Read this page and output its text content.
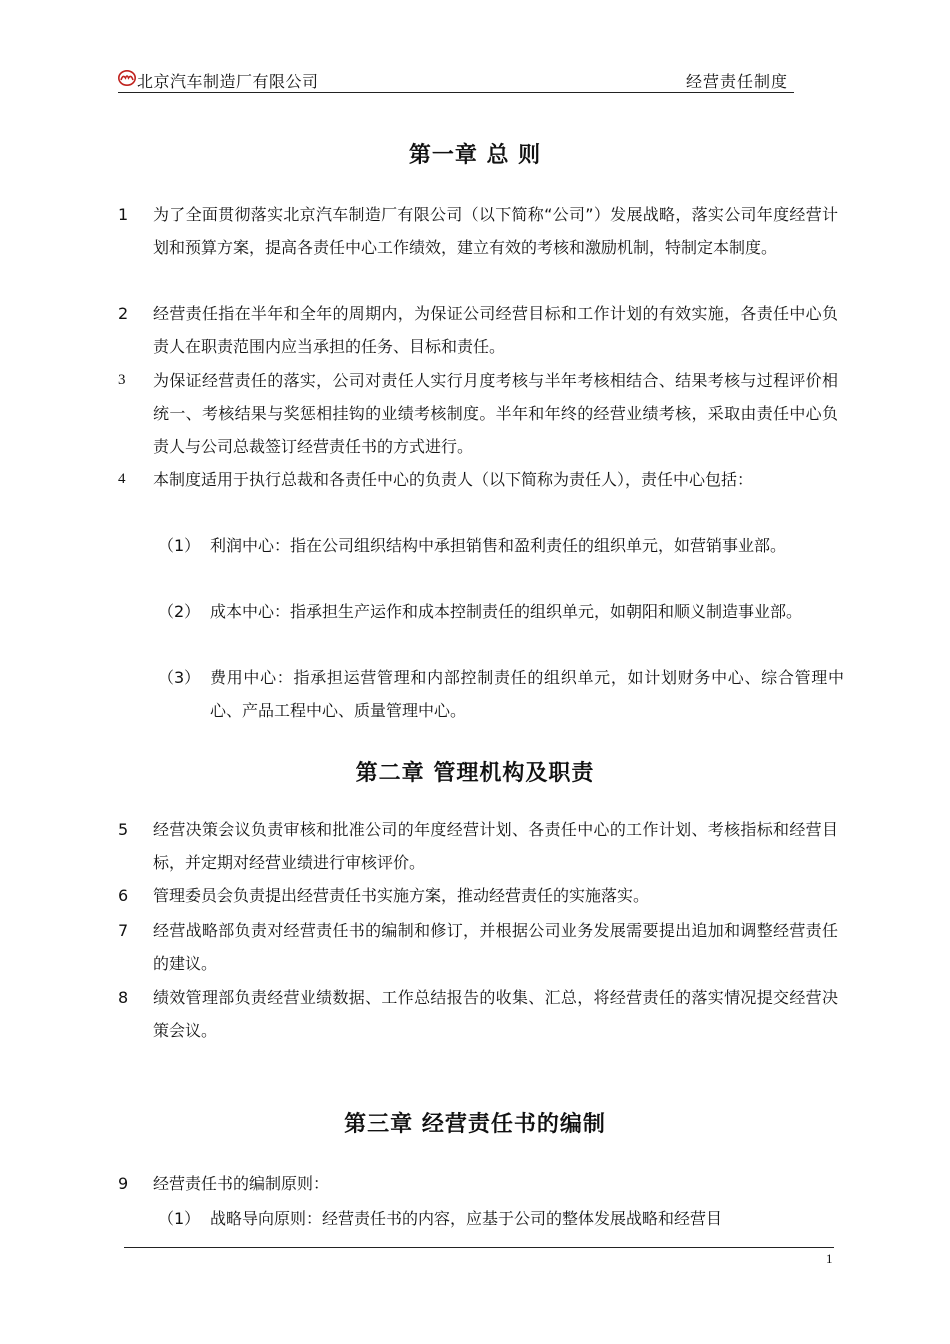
北京汽车制造厂有限公司	经营责任制度
第一章 总 则
1	为了全面贯彻落实北京汽车制造厂有限公司（以下简称“公司”）发展战略，落实公司年度经营计划和预算方案，提高各责任中心工作绩效，建立有效的考核和激励机制，特制定本制度。
2	经营责任指在半年和全年的周期内，为保证公司经营目标和工作计划的有效实施，各责任中心负责人在职责范围内应当承担的任务、目标和责任。
3	为保证经营责任的落实，公司对责任人实行月度考核与半年考核相结合、结果考核与过程评价相统一、考核结果与奖惩相挂钩的业绩考核制度。半年和年终的经营业绩考核，采取由责任中心负责人与公司总裁签订经营责任书的方式进行。
4	本制度适用于执行总裁和各责任中心的负责人（以下简称为责任人），责任中心包括：
（1） 利润中心：指在公司组织结构中承担销售和盈利责任的组织单元，如营销事业部。
（2） 成本中心：指承担生产运作和成本控制责任的组织单元，如朝阳和顺义制造事业部。
（3） 费用中心：指承担运营管理和内部控制责任的组织单元，如计划财务中心、综合管理中心、产品工程中心、质量管理中心。
第二章 管理机构及职责
5	经营决策会议负责审核和批准公司的年度经营计划、各责任中心的工作计划、考核指标和经营目标，并定期对经营业绩进行审核评价。
6	管理委员会负责提出经营责任书实施方案，推动经营责任的实施落实。
7	经营战略部负责对经营责任书的编制和修订，并根据公司业务发展需要提出追加和调整经营责任的建议。
8	绩效管理部负责经营业绩数据、工作总结报告的收集、汇总，将经营责任的落实情况提交经营决策会议。
第三章 经营责任书的编制
9	经营责任书的编制原则：
（1） 战略导向原则：经营责任书的内容，应基于公司的整体发展战略和经营目
1
